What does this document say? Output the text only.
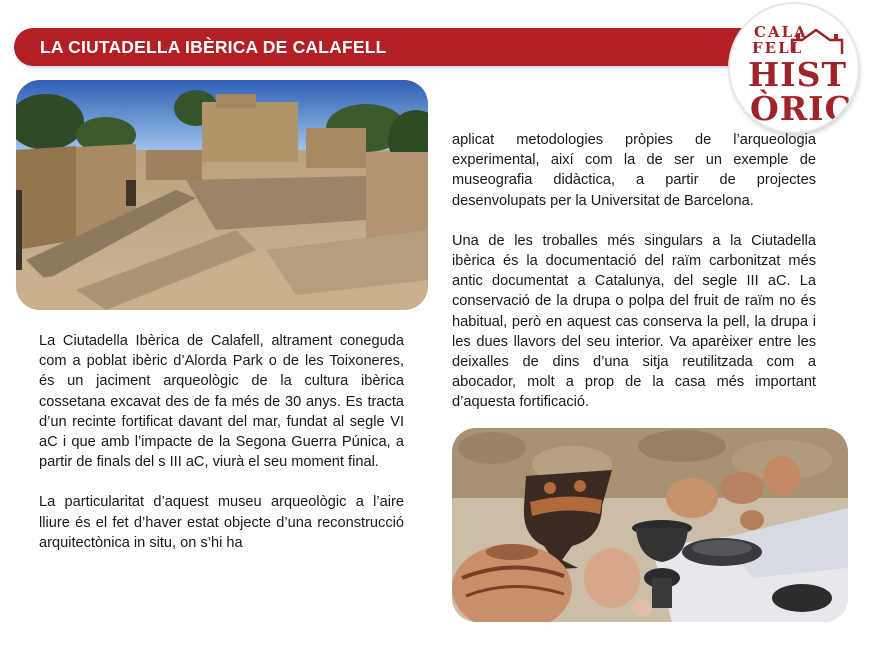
LA CIUTADELLA IBÈRICA DE CALAFELL
CALA
FELL
HIST
ÒRIC

La Ciutadella Ibèrica de Calafell, altrament coneguda com a poblat ibèric d’Alorda Park o de les Toixoneres, és un jaciment arqueològic de la cultura ibèrica cossetana excavat des de fa més de 30 anys. Es tracta d’un recinte fortificat davant del mar, fundat al segle VI aC i que amb l’impacte de la Segona Guerra Púnica, a partir de finals del s III aC, viurà el seu moment final.

La particularitat d’aquest museu arqueològic a l’aire lliure és el fet d’haver estat objecte d’una reconstrucció arquitectònica in situ, on s’hi ha

aplicat metodologies pròpies de l’arqueologia experimental, així com la de ser un exemple de museografia didàctica, a partir de projectes desenvolupats per la Universitat de Barcelona.

Una de les troballes més singulars a la Ciutadella ibèrica és la documentació del raïm carbonitzat més antic documentat a Catalunya, del segle III aC. La conservació de la drupa o polpa del fruit de raïm no és habitual, però en aquest cas conserva la pell, la drupa i les dues llavors del seu interior. Va aparèixer entre les deixalles de dins d’una sitja reutilitzada com a abocador, molt a prop de la casa més important d’aquesta fortificació.
